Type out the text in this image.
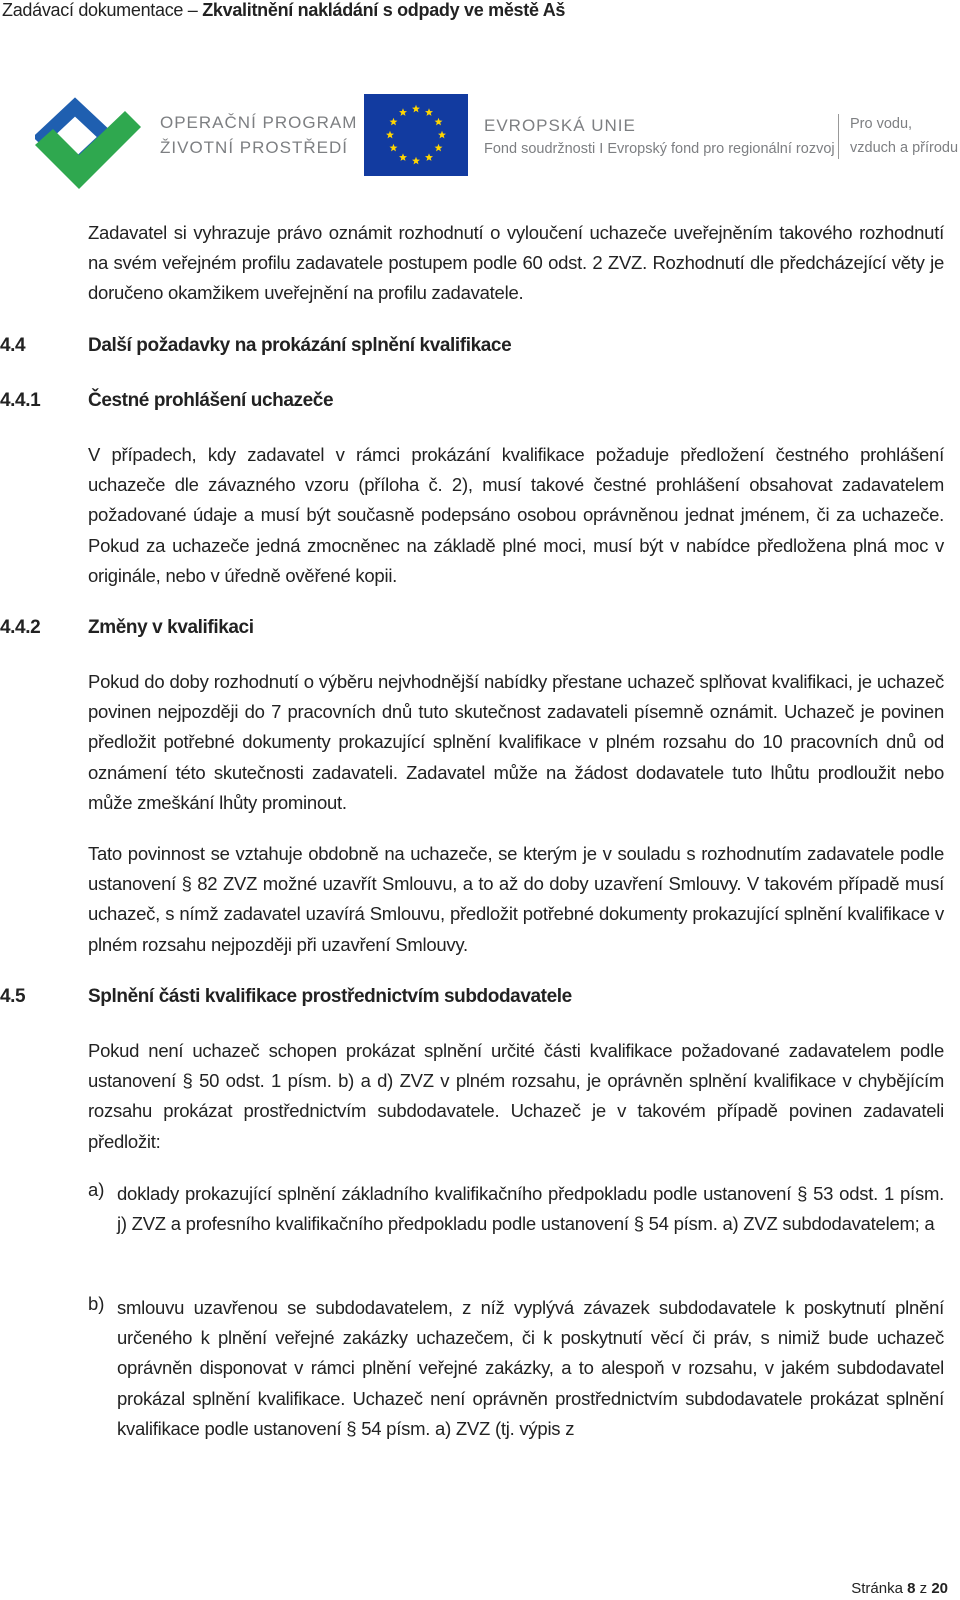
Zadávací dokumentace – Zkvalitnění nakládání s odpady ve městě Aš
OPERAČNÍ PROGRAM
ŽIVOTNÍ PROSTŘEDÍ
EVROPSKÁ UNIE
Fond soudržnosti I Evropský fond pro regionální rozvoj
Pro vodu,
vzduch a přírodu

Zadavatel si vyhrazuje právo oznámit rozhodnutí o vyloučení uchazeče uveřejněním takového rozhodnutí na svém veřejném profilu zadavatele postupem podle 60 odst. 2 ZVZ. Rozhodnutí dle předcházející věty je doručeno okamžikem uveřejnění na profilu zadavatele.

4.4	Další požadavky na prokázání splnění kvalifikace
4.4.1	Čestné prohlášení uchazeče

V případech, kdy zadavatel v rámci prokázání kvalifikace požaduje předložení čestného prohlášení uchazeče dle závazného vzoru (příloha č. 2), musí takové čestné prohlášení obsahovat zadavatelem požadované údaje a musí být současně podepsáno osobou oprávněnou jednat jménem, či za uchazeče. Pokud za uchazeče jedná zmocněnec na základě plné moci, musí být v nabídce předložena plná moc v originále, nebo v úředně ověřené kopii.

4.4.2	Změny v kvalifikaci

Pokud do doby rozhodnutí o výběru nejvhodnější nabídky přestane uchazeč splňovat kvalifikaci, je uchazeč povinen nejpozději do 7 pracovních dnů tuto skutečnost zadavateli písemně oznámit. Uchazeč je povinen předložit potřebné dokumenty prokazující splnění kvalifikace v plném rozsahu do 10 pracovních dnů od oznámení této skutečnosti zadavateli. Zadavatel může na žádost dodavatele tuto lhůtu prodloužit nebo může zmeškání lhůty prominout.

Tato povinnost se vztahuje obdobně na uchazeče, se kterým je v souladu s rozhodnutím zadavatele podle ustanovení § 82 ZVZ možné uzavřít Smlouvu, a to až do doby uzavření Smlouvy. V takovém případě musí uchazeč, s nímž zadavatel uzavírá Smlouvu, předložit potřebné dokumenty prokazující splnění kvalifikace v plném rozsahu nejpozději při uzavření Smlouvy.

4.5	Splnění části kvalifikace prostřednictvím subdodavatele

Pokud není uchazeč schopen prokázat splnění určité části kvalifikace požadované zadavatelem podle ustanovení § 50 odst. 1 písm. b) a d) ZVZ v plném rozsahu, je oprávněn splnění kvalifikace v chybějícím rozsahu prokázat prostřednictvím subdodavatele. Uchazeč je v takovém případě povinen zadavateli předložit:

a) doklady prokazující splnění základního kvalifikačního předpokladu podle ustanovení § 53 odst. 1 písm. j) ZVZ a profesního kvalifikačního předpokladu podle ustanovení § 54 písm. a) ZVZ subdodavatelem; a

b) smlouvu uzavřenou se subdodavatelem, z níž vyplývá závazek subdodavatele k poskytnutí plnění určeného k plnění veřejné zakázky uchazečem, či k poskytnutí věcí či práv, s nimiž bude uchazeč oprávněn disponovat v rámci plnění veřejné zakázky, a to alespoň v rozsahu, v jakém subdodavatel prokázal splnění kvalifikace. Uchazeč není oprávněn prostřednictvím subdodavatele prokázat splnění kvalifikace podle ustanovení § 54 písm. a) ZVZ (tj. výpis z

Stránka 8 z 20
